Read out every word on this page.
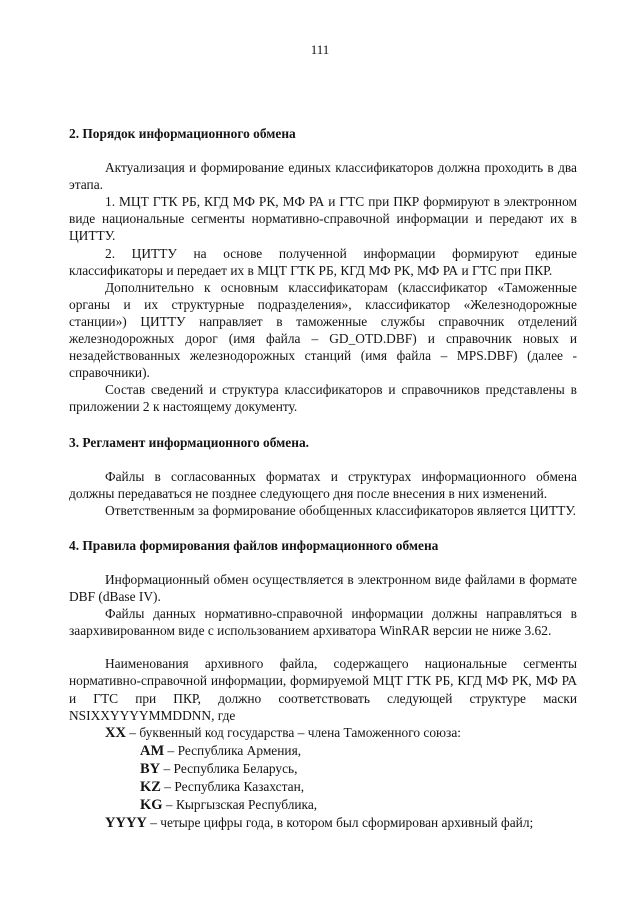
111
2. Порядок информационного обмена

Актуализация и формирование единых классификаторов должна проходить в два этапа.

1. МЦТ ГТК РБ, КГД МФ РК, МФ РА и ГТС при ПКР формируют в электронном виде национальные сегменты нормативно-справочной информации и передают их в ЦИТТУ.

2. ЦИТТУ на основе полученной информации формируют единые классификаторы и передает их в МЦТ ГТК РБ, КГД МФ РК, МФ РА и ГТС при ПКР.

Дополнительно к основным классификаторам (классификатор «Таможенные органы и их структурные подразделения», классификатор «Железнодорожные станции») ЦИТТУ направляет в таможенные службы справочник отделений железнодорожных дорог (имя файла – GD_OTD.DBF) и справочник новых и незадействованных железнодорожных станций (имя файла – MPS.DBF) (далее - справочники).

Состав сведений и структура классификаторов и справочников представлены в приложении 2 к настоящему документу.

3. Регламент информационного обмена.

Файлы в согласованных форматах и структурах информационного обмена должны передаваться не позднее следующего дня после внесения в них изменений.

Ответственным за формирование обобщенных классификаторов является ЦИТТУ.

4. Правила формирования файлов информационного обмена

Информационный обмен осуществляется в электронном виде файлами в формате DBF (dBase IV).

Файлы данных нормативно-справочной информации должны направляться в заархивированном виде с использованием архиватора WinRAR версии не ниже 3.62.

Наименования архивного файла, содержащего национальные сегменты нормативно-справочной информации, формируемой МЦТ ГТК РБ, КГД МФ РК, МФ РА и ГТС при ПКР, должно соответствовать следующей структуре маски NSIXXYYYYMMDDNN, где

XX – буквенный код государства – члена Таможенного союза:
AM – Республика Армения,
BY – Республика Беларусь,
KZ – Республика Казахстан,
KG – Кыргызская Республика,
YYYY – четыре цифры года, в котором был сформирован архивный файл;
